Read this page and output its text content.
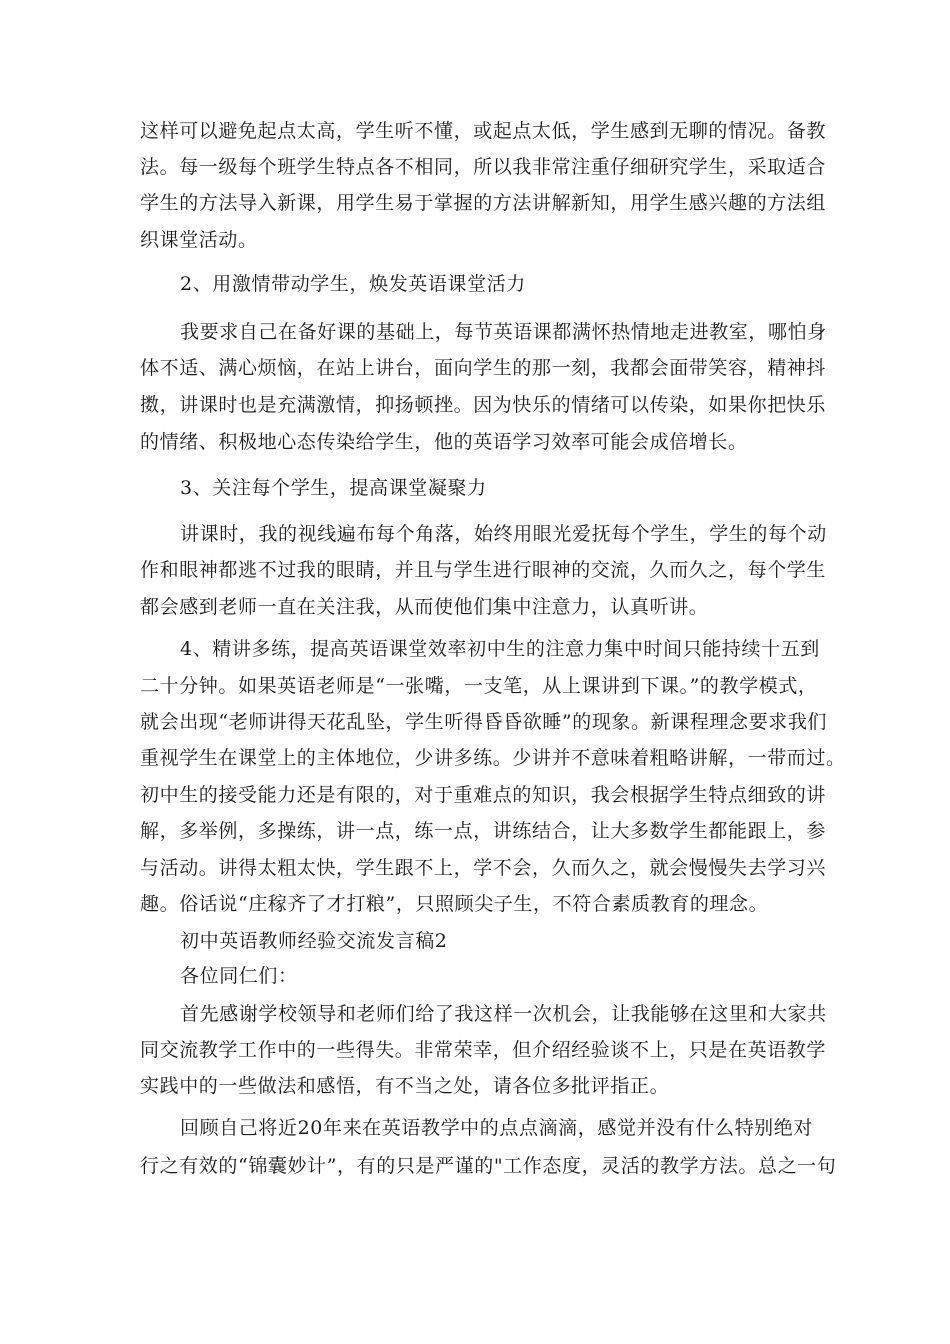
这样可以避免起点太高，学生听不懂，或起点太低，学生感到无聊的情况。备教
法。每一级每个班学生特点各不相同，所以我非常注重仔细研究学生，采取适合
学生的方法导入新课，用学生易于掌握的方法讲解新知，用学生感兴趣的方法组
织课堂活动。
2、用激情带动学生，焕发英语课堂活力
我要求自己在备好课的基础上，每节英语课都满怀热情地走进教室，哪怕身
体不适、满心烦恼，在站上讲台，面向学生的那一刻，我都会面带笑容，精神抖
擞，讲课时也是充满激情，抑扬顿挫。因为快乐的情绪可以传染，如果你把快乐
的情绪、积极地心态传染给学生，他的英语学习效率可能会成倍增长。
3、关注每个学生，提高课堂凝聚力
讲课时，我的视线遍布每个角落，始终用眼光爱抚每个学生，学生的每个动
作和眼神都逃不过我的眼睛，并且与学生进行眼神的交流，久而久之，每个学生
都会感到老师一直在关注我，从而使他们集中注意力，认真听讲。
4、精讲多练，提高英语课堂效率初中生的注意力集中时间只能持续十五到
二十分钟。如果英语老师是“一张嘴，一支笔，从上课讲到下课。”的教学模式，
就会出现“老师讲得天花乱坠，学生听得昏昏欲睡”的现象。新课程理念要求我们
重视学生在课堂上的主体地位，少讲多练。少讲并不意味着粗略讲解，一带而过。
初中生的接受能力还是有限的，对于重难点的知识，我会根据学生特点细致的讲
解，多举例，多操练，讲一点，练一点，讲练结合，让大多数学生都能跟上，参
与活动。讲得太粗太快，学生跟不上，学不会，久而久之，就会慢慢失去学习兴
趣。俗话说“庄稼齐了才打粮”，只照顾尖子生，不符合素质教育的理念。
初中英语教师经验交流发言稿2
各位同仁们：
首先感谢学校领导和老师们给了我这样一次机会，让我能够在这里和大家共
同交流教学工作中的一些得失。非常荣幸，但介绍经验谈不上，只是在英语教学
实践中的一些做法和感悟，有不当之处，请各位多批评指正。
回顾自己将近20年来在英语教学中的点点滴滴，感觉并没有什么特别绝对
行之有效的“锦囊妙计”，有的只是严谨的"工作态度，灵活的教学方法。总之一句
